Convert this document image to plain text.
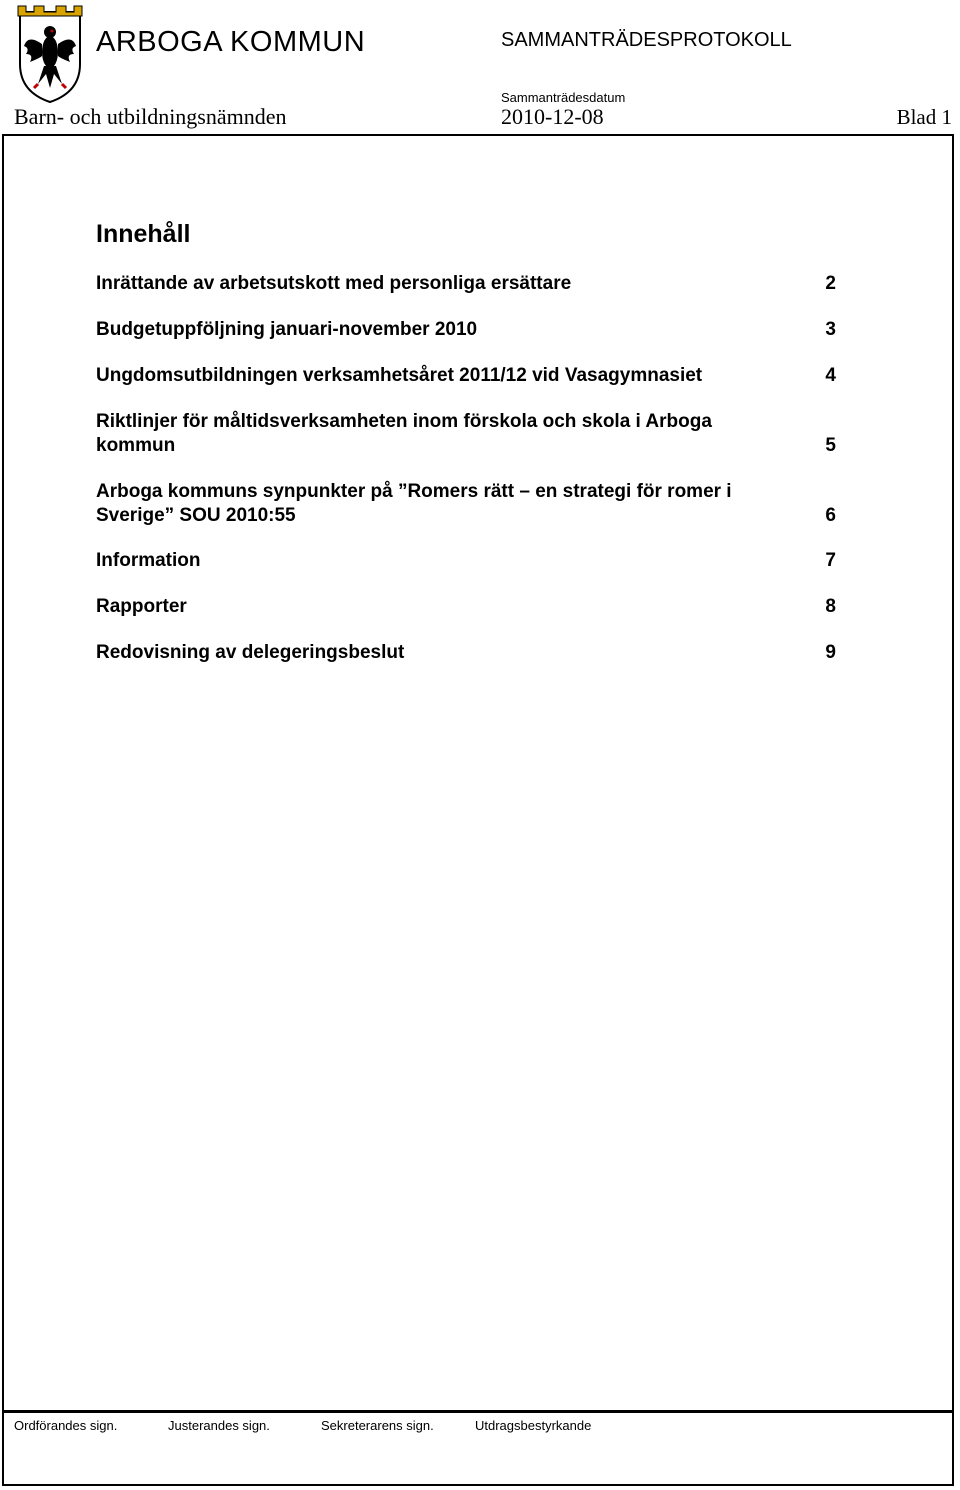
ARBOGA KOMMUN	SAMMANTRÄDESPROTOKOLL
Sammanträdesdatum
Barn- och utbildningsnämnden	2010-12-08	Blad 1
Innehåll
Inrättande av arbetsutskott med personliga ersättare	2
Budgetuppföljning januari-november 2010	3
Ungdomsutbildningen verksamhetsåret 2011/12 vid Vasagymnasiet	4
Riktlinjer för måltidsverksamheten inom förskola och skola i Arboga kommun	5
Arboga kommuns synpunkter på ”Romers rätt – en strategi för romer i Sverige” SOU 2010:55	6
Information	7
Rapporter	8
Redovisning av delegeringsbeslut	9
Ordförandes sign.	Justerandes sign.	Sekreterarens sign.	Utdragsbestyrkande
